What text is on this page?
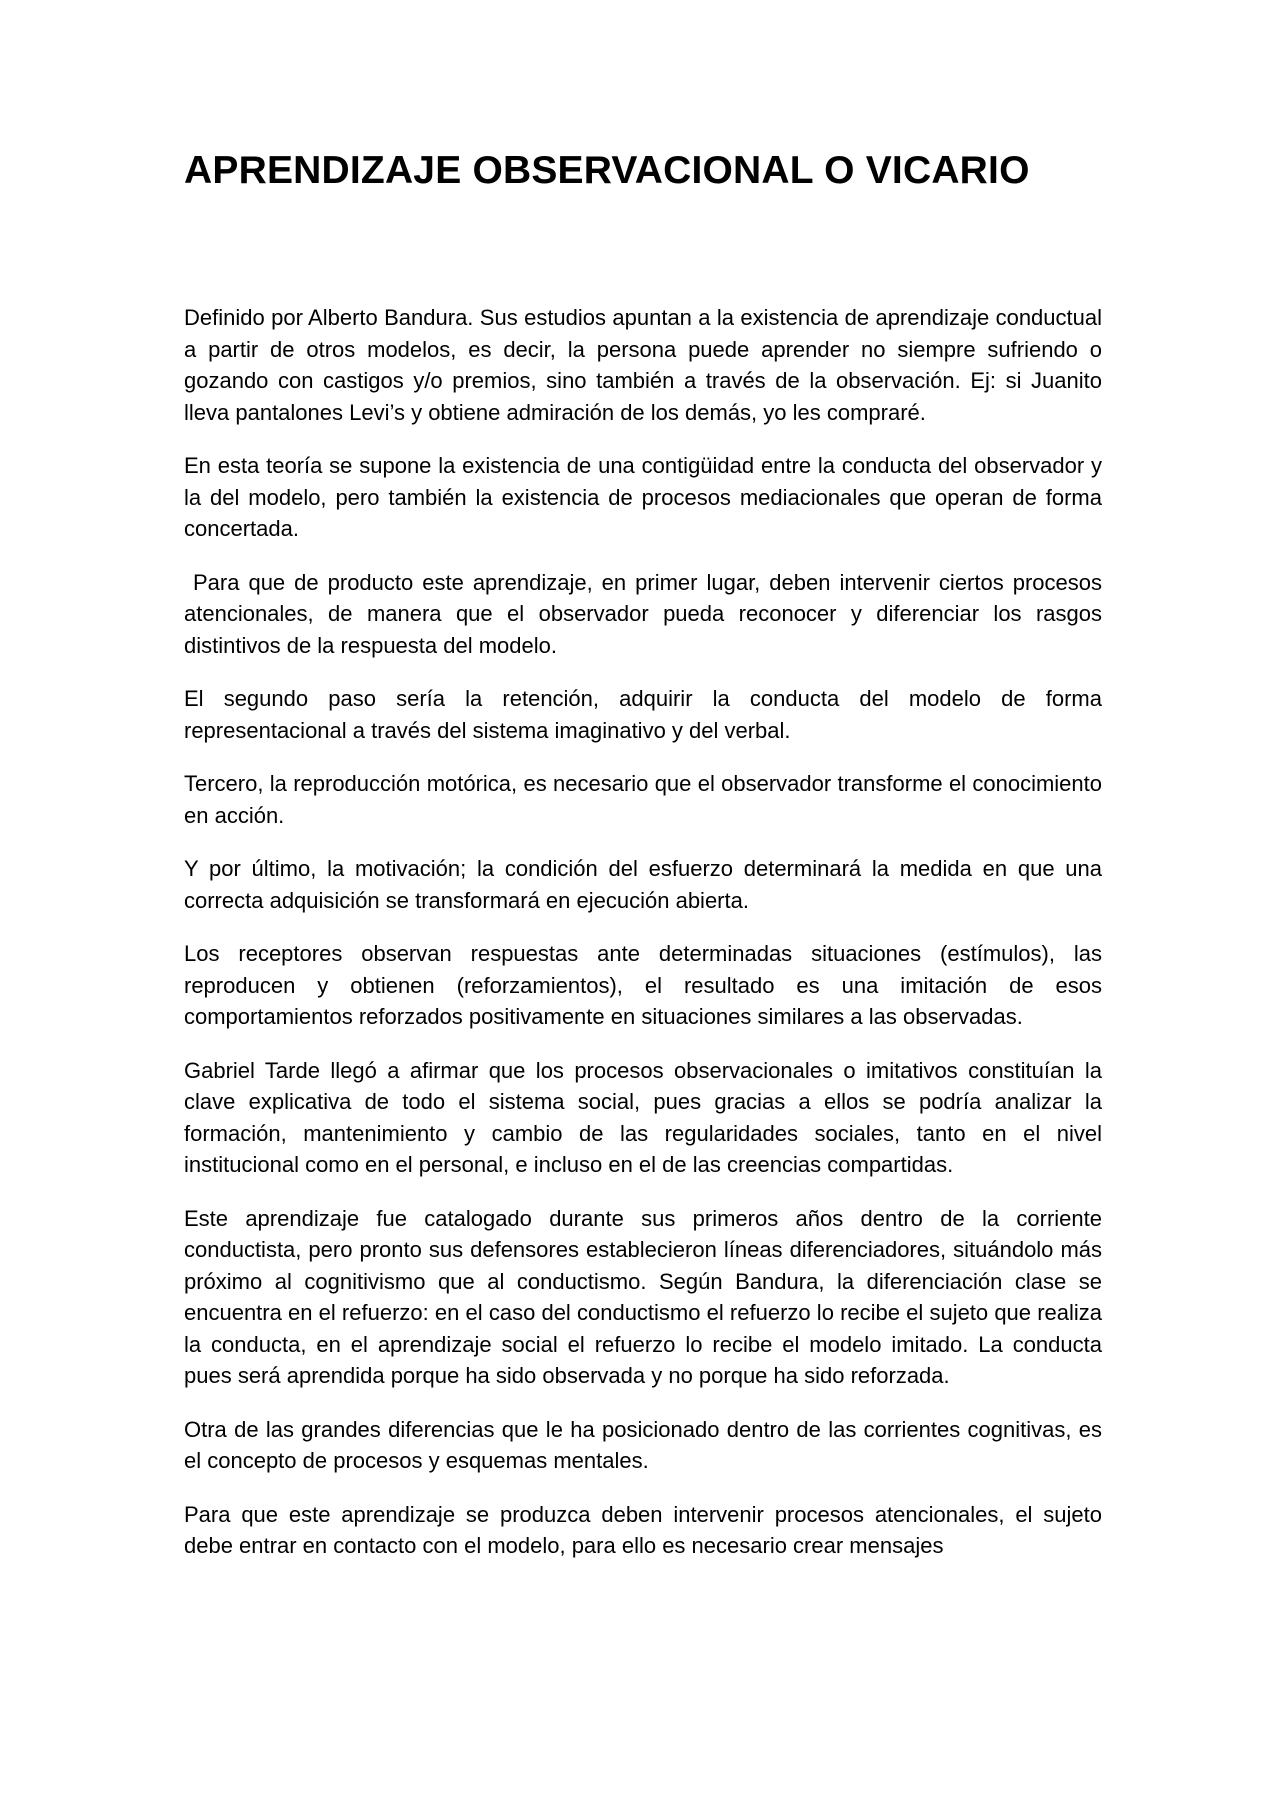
APRENDIZAJE OBSERVACIONAL O VICARIO

Definido por Alberto Bandura. Sus estudios apuntan a la existencia de aprendizaje conductual a partir de otros modelos, es decir, la persona puede aprender no siempre sufriendo o gozando con castigos y/o premios, sino también a través de la observación. Ej: si Juanito lleva pantalones Levi’s y obtiene admiración de los demás, yo les compraré.

En esta teoría se supone la existencia de una contigüidad entre la conducta del observador y la del modelo, pero también la existencia de procesos mediacionales que operan de forma concertada.

Para que de producto este aprendizaje, en primer lugar, deben intervenir ciertos procesos atencionales, de manera que el observador pueda reconocer y diferenciar los rasgos distintivos de la respuesta del modelo.

El segundo paso sería la retención, adquirir la conducta del modelo de forma representacional a través del sistema imaginativo y del verbal.

Tercero, la reproducción motórica, es necesario que el observador transforme el conocimiento en acción.

Y por último, la motivación; la condición del esfuerzo determinará la medida en que una correcta adquisición se transformará en ejecución abierta.

Los receptores observan respuestas ante determinadas situaciones (estímulos), las reproducen y obtienen (reforzamientos), el resultado es una imitación de esos comportamientos reforzados positivamente en situaciones similares a las observadas.

Gabriel Tarde llegó a afirmar que los procesos observacionales o imitativos constituían la clave explicativa de todo el sistema social, pues gracias a ellos se podría analizar la formación, mantenimiento y cambio de las regularidades sociales, tanto en el nivel institucional como en el personal, e incluso en el de las creencias compartidas.

Este aprendizaje fue catalogado durante sus primeros años dentro de la corriente conductista, pero pronto sus defensores establecieron líneas diferenciadores, situándolo más próximo al cognitivismo que al conductismo. Según Bandura, la diferenciación clase se encuentra en el refuerzo: en el caso del conductismo el refuerzo lo recibe el sujeto que realiza la conducta, en el aprendizaje social el refuerzo lo recibe el modelo imitado. La conducta pues será aprendida porque ha sido observada y no porque ha sido reforzada.

Otra de las grandes diferencias que le ha posicionado dentro de las corrientes cognitivas, es el concepto de procesos y esquemas mentales.

Para que este aprendizaje se produzca deben intervenir procesos atencionales, el sujeto debe entrar en contacto con el modelo, para ello es necesario crear mensajes
